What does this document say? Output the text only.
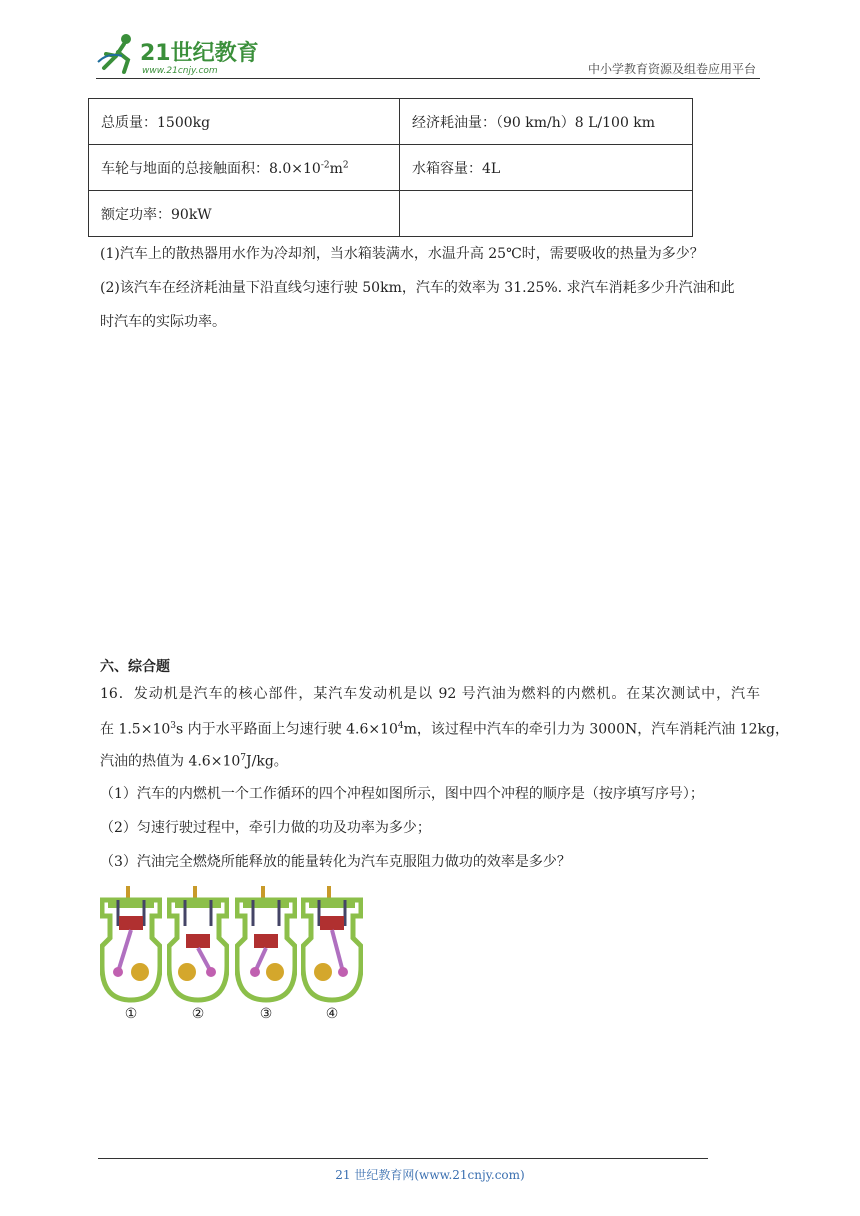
21世纪教育
www.21cnjy.com	中小学教育资源及组卷应用平台
总质量：1500kg	经济耗油量：（90 km/h）8 L/100 km
车轮与地面的总接触面积：$8.0\times 10^{-2}m^2$	水箱容量：4L
额定功率：90kW	
(1)汽车上的散热器用水作为冷却剂，当水箱装满水，水温升高 25℃时，需要吸收的热量为多少？
(2)该汽车在经济耗油量下沿直线匀速行驶 50km，汽车的效率为 31.25%. 求汽车消耗多少升汽油和此
时汽车的实际功率。
六、综合题
16．发动机是汽车的核心部件，某汽车发动机是以 92 号汽油为燃料的内燃机。在某次测试中，汽车
在 $1.5\times 10^3s$ 内于水平路面上匀速行驶 $4.6\times 10^4m$，该过程中汽车的牵引力为 3000N，汽车消耗汽油 12kg，
汽油的热值为 $4.6\times 10^7J/kg$。
（1）汽车的内燃机一个工作循环的四个冲程如图所示，图中四个冲程的顺序是（按序填写序号）；
（2）匀速行驶过程中，牵引力做的功及功率为多少；
（3）汽油完全燃烧所能释放的能量转化为汽车克服阻力做功的效率是多少？
①	②	③	④
21 世纪教育网(www.21cnjy.com)
